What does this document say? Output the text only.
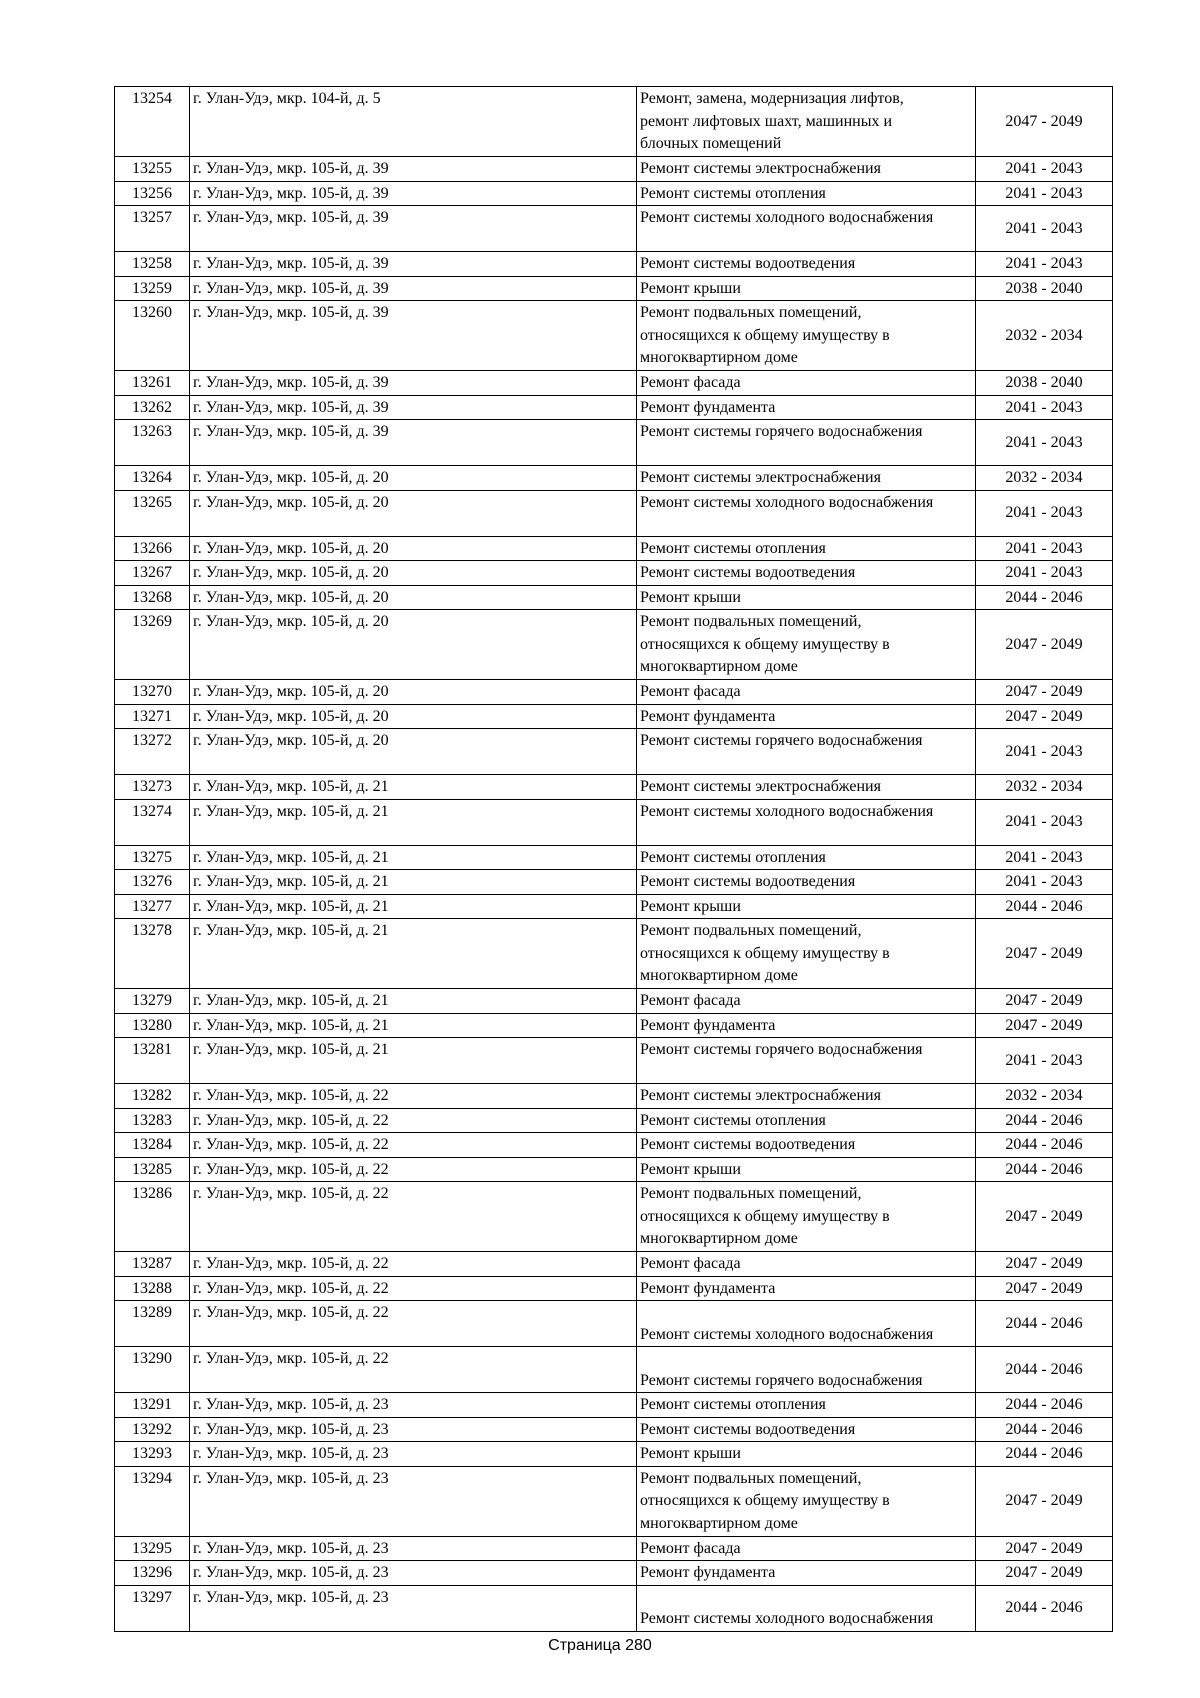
13254	г. Улан-Удэ, мкр. 104-й, д. 5	Ремонт, замена, модернизация лифтов,
ремонт лифтовых шахт, машинных и
блочных помещений	2047 - 2049
13255	г. Улан-Удэ, мкр. 105-й, д. 39	Ремонт системы электроснабжения	2041 - 2043
13256	г. Улан-Удэ, мкр. 105-й, д. 39	Ремонт системы отопления	2041 - 2043
13257	г. Улан-Удэ, мкр. 105-й, д. 39	Ремонт системы холодного водоснабжения	2041 - 2043
13258	г. Улан-Удэ, мкр. 105-й, д. 39	Ремонт системы водоотведения	2041 - 2043
13259	г. Улан-Удэ, мкр. 105-й, д. 39	Ремонт крыши	2038 - 2040
13260	г. Улан-Удэ, мкр. 105-й, д. 39	Ремонт подвальных помещений,
относящихся к общему имуществу в
многоквартирном доме	2032 - 2034
13261	г. Улан-Удэ, мкр. 105-й, д. 39	Ремонт фасада	2038 - 2040
13262	г. Улан-Удэ, мкр. 105-й, д. 39	Ремонт фундамента	2041 - 2043
13263	г. Улан-Удэ, мкр. 105-й, д. 39	Ремонт системы горячего водоснабжения	2041 - 2043
13264	г. Улан-Удэ, мкр. 105-й, д. 20	Ремонт системы электроснабжения	2032 - 2034
13265	г. Улан-Удэ, мкр. 105-й, д. 20	Ремонт системы холодного водоснабжения	2041 - 2043
13266	г. Улан-Удэ, мкр. 105-й, д. 20	Ремонт системы отопления	2041 - 2043
13267	г. Улан-Удэ, мкр. 105-й, д. 20	Ремонт системы водоотведения	2041 - 2043
13268	г. Улан-Удэ, мкр. 105-й, д. 20	Ремонт крыши	2044 - 2046
13269	г. Улан-Удэ, мкр. 105-й, д. 20	Ремонт подвальных помещений,
относящихся к общему имуществу в
многоквартирном доме	2047 - 2049
13270	г. Улан-Удэ, мкр. 105-й, д. 20	Ремонт фасада	2047 - 2049
13271	г. Улан-Удэ, мкр. 105-й, д. 20	Ремонт фундамента	2047 - 2049
13272	г. Улан-Удэ, мкр. 105-й, д. 20	Ремонт системы горячего водоснабжения	2041 - 2043
13273	г. Улан-Удэ, мкр. 105-й, д. 21	Ремонт системы электроснабжения	2032 - 2034
13274	г. Улан-Удэ, мкр. 105-й, д. 21	Ремонт системы холодного водоснабжения	2041 - 2043
13275	г. Улан-Удэ, мкр. 105-й, д. 21	Ремонт системы отопления	2041 - 2043
13276	г. Улан-Удэ, мкр. 105-й, д. 21	Ремонт системы водоотведения	2041 - 2043
13277	г. Улан-Удэ, мкр. 105-й, д. 21	Ремонт крыши	2044 - 2046
13278	г. Улан-Удэ, мкр. 105-й, д. 21	Ремонт подвальных помещений,
относящихся к общему имуществу в
многоквартирном доме	2047 - 2049
13279	г. Улан-Удэ, мкр. 105-й, д. 21	Ремонт фасада	2047 - 2049
13280	г. Улан-Удэ, мкр. 105-й, д. 21	Ремонт фундамента	2047 - 2049
13281	г. Улан-Удэ, мкр. 105-й, д. 21	Ремонт системы горячего водоснабжения	2041 - 2043
13282	г. Улан-Удэ, мкр. 105-й, д. 22	Ремонт системы электроснабжения	2032 - 2034
13283	г. Улан-Удэ, мкр. 105-й, д. 22	Ремонт системы отопления	2044 - 2046
13284	г. Улан-Удэ, мкр. 105-й, д. 22	Ремонт системы водоотведения	2044 - 2046
13285	г. Улан-Удэ, мкр. 105-й, д. 22	Ремонт крыши	2044 - 2046
13286	г. Улан-Удэ, мкр. 105-й, д. 22	Ремонт подвальных помещений,
относящихся к общему имуществу в
многоквартирном доме	2047 - 2049
13287	г. Улан-Удэ, мкр. 105-й, д. 22	Ремонт фасада	2047 - 2049
13288	г. Улан-Удэ, мкр. 105-й, д. 22	Ремонт фундамента	2047 - 2049
13289	г. Улан-Удэ, мкр. 105-й, д. 22	Ремонт системы холодного водоснабжения	2044 - 2046
13290	г. Улан-Удэ, мкр. 105-й, д. 22	Ремонт системы горячего водоснабжения	2044 - 2046
13291	г. Улан-Удэ, мкр. 105-й, д. 23	Ремонт системы отопления	2044 - 2046
13292	г. Улан-Удэ, мкр. 105-й, д. 23	Ремонт системы водоотведения	2044 - 2046
13293	г. Улан-Удэ, мкр. 105-й, д. 23	Ремонт крыши	2044 - 2046
13294	г. Улан-Удэ, мкр. 105-й, д. 23	Ремонт подвальных помещений,
относящихся к общему имуществу в
многоквартирном доме	2047 - 2049
13295	г. Улан-Удэ, мкр. 105-й, д. 23	Ремонт фасада	2047 - 2049
13296	г. Улан-Удэ, мкр. 105-й, д. 23	Ремонт фундамента	2047 - 2049
13297	г. Улан-Удэ, мкр. 105-й, д. 23	Ремонт системы холодного водоснабжения	2044 - 2046
Страница 280
